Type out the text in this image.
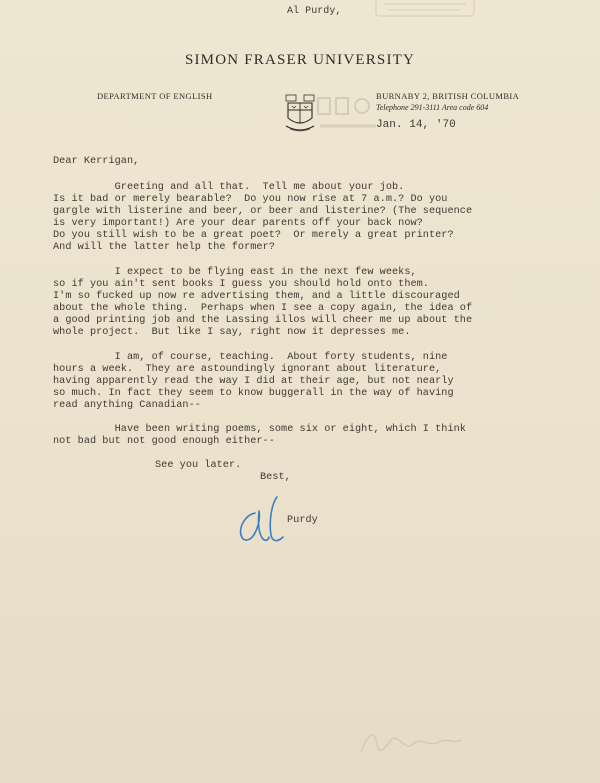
Al Purdy,
SIMON FRASER UNIVERSITY
DEPARTMENT OF ENGLISH	BURNABY 2, BRITISH COLUMBIA
Telephone 291-3111 Area code 604
Jan. 14, '70
Dear Kerrigan,
Greeting and all that.  Tell me about your job.
Is it bad or merely bearable?  Do you now rise at 7 a.m.? Do you
gargle with listerine and beer, or beer and listerine? (The sequence
is very important!) Are your dear parents off your back now?
Do you still wish to be a great poet?  Or merely a great printer?
And will the latter help the former?
I expect to be flying east in the next few weeks,
so if you ain't sent books I guess you should hold onto them.
I'm so fucked up now re advertising them, and a little discouraged
about the whole thing.  Perhaps when I see a copy again, the idea of
a good printing job and the Lassing illos will cheer me up about the
whole project.  But like I say, right now it depresses me.
I am, of course, teaching.  About forty students, nine
hours a week.  They are astoundingly ignorant about literature,
having apparently read the way I did at their age, but not nearly
so much. In fact they seem to know buggerall in the way of having
read anything Canadian--
Have been writing poems, some six or eight, which I think
not bad but not good enough either--
See you later.
Best,
Purdy
